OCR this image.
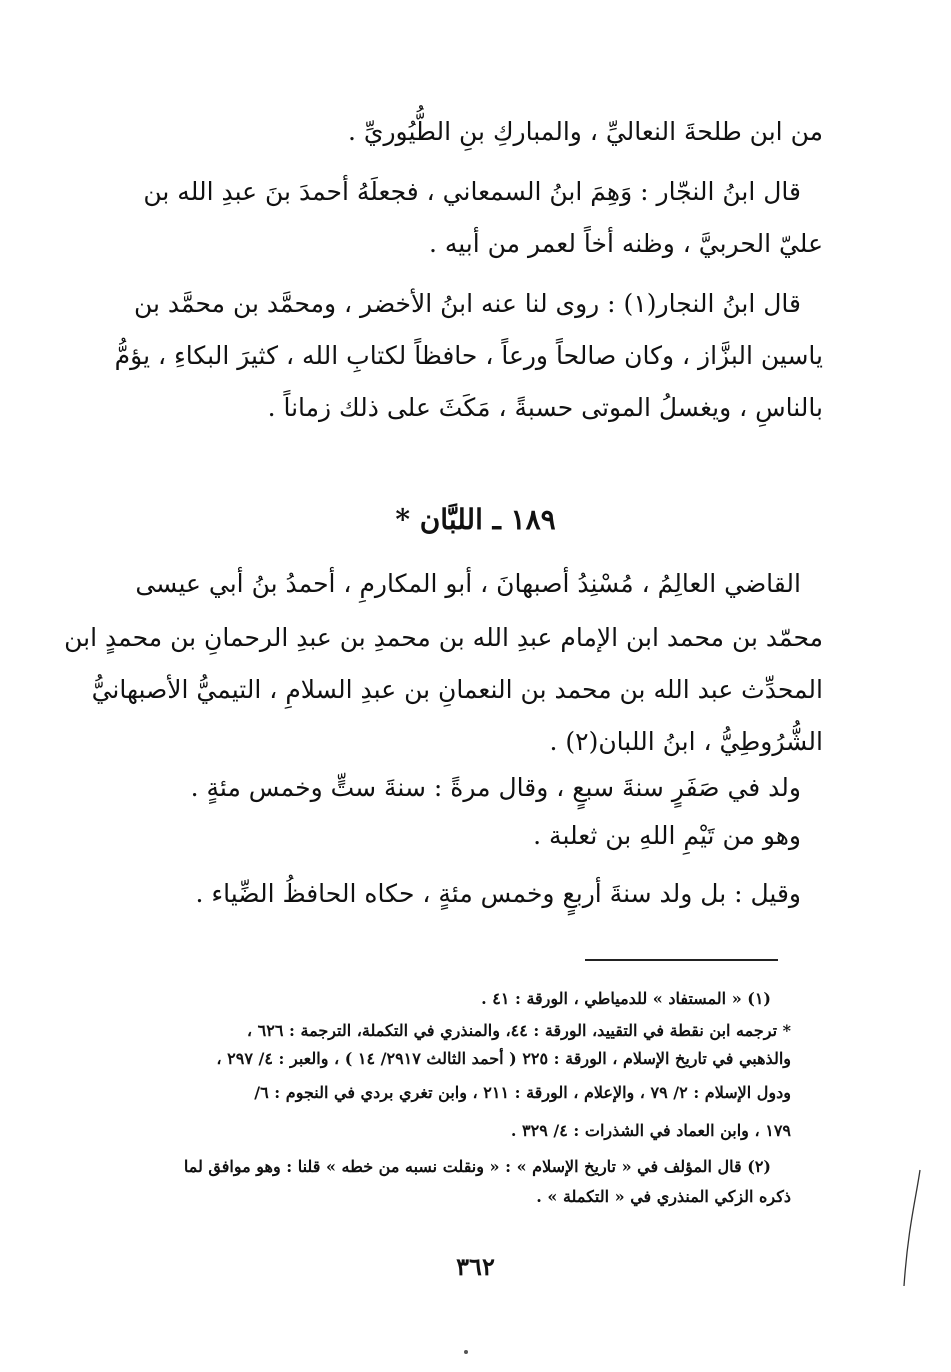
من ابن طلحةَ النعاليِّ ، والمباركِ بنِ الطُّيُوريِّ .
قال ابنُ النجّار : وَهِمَ ابنُ السمعاني ، فجعلَهُ أحمدَ بنَ عبدِ الله بن
عليّ الحربيَّ ، وظنه أخاً لعمر من أبيه .
قال ابنُ النجار(١) : روى لنا عنه ابنُ الأخضر ، ومحمَّد بن محمَّد بن
ياسين البزَّاز ، وكان صالحاً ورعاً ، حافظاً لكتابِ الله ، كثيرَ البكاءِ ، يؤمُّ
بالناسِ ، ويغسلُ الموتى حسبةً ، مَكَثَ على ذلك زماناً .
١٨٩ ـ اللبَّان *
القاضي العالِمُ ، مُسْنِدُ أصبهانَ ، أبو المكارمِ ، أحمدُ بنُ أبي عيسى
محمّد بن محمد ابن الإمام عبدِ الله بن محمدِ بن عبدِ الرحمانِ بن محمدٍ ابن
المحدِّث عبد الله بن محمد بن النعمانِ بن عبدِ السلامِ ، التيميُّ الأصبهانيُّ
الشُّرُوطِيُّ ، ابنُ اللبان(٢) .
ولد في صَفَرٍ سنةَ سبعٍ ، وقال مرةً : سنةَ ستٍّ وخمس مئةٍ .
وهو من تَيْمِ اللهِ بن ثعلبة .
وقيل : بل ولد سنةَ أربعٍ وخمس مئةٍ ، حكاه الحافظُ الضِّياء .
(١) « المستفاد » للدمياطي ، الورقة : ٤١ .
* ترجمه ابن نقطة في التقييد، الورقة : ٤٤، والمنذري في التكملة، الترجمة : ٦٢٦ ،
والذهبي في تاريخ الإسلام ، الورقة : ٢٢٥ ( أحمد الثالث ٢٩١٧/ ١٤ ) ، والعبر : ٤/ ٢٩٧ ،
ودول الإسلام : ٢/ ٧٩ ، والإعلام ، الورقة : ٢١١ ، وابن تغري بردي في النجوم : ٦/
١٧٩ ، وابن العماد في الشذرات : ٤/ ٣٢٩ .
(٢) قال المؤلف في « تاريخ الإسلام » : « ونقلت نسبه من خطه » قلنا : وهو موافق لما
ذكره الزكي المنذري في « التكملة » .
٣٦٢
